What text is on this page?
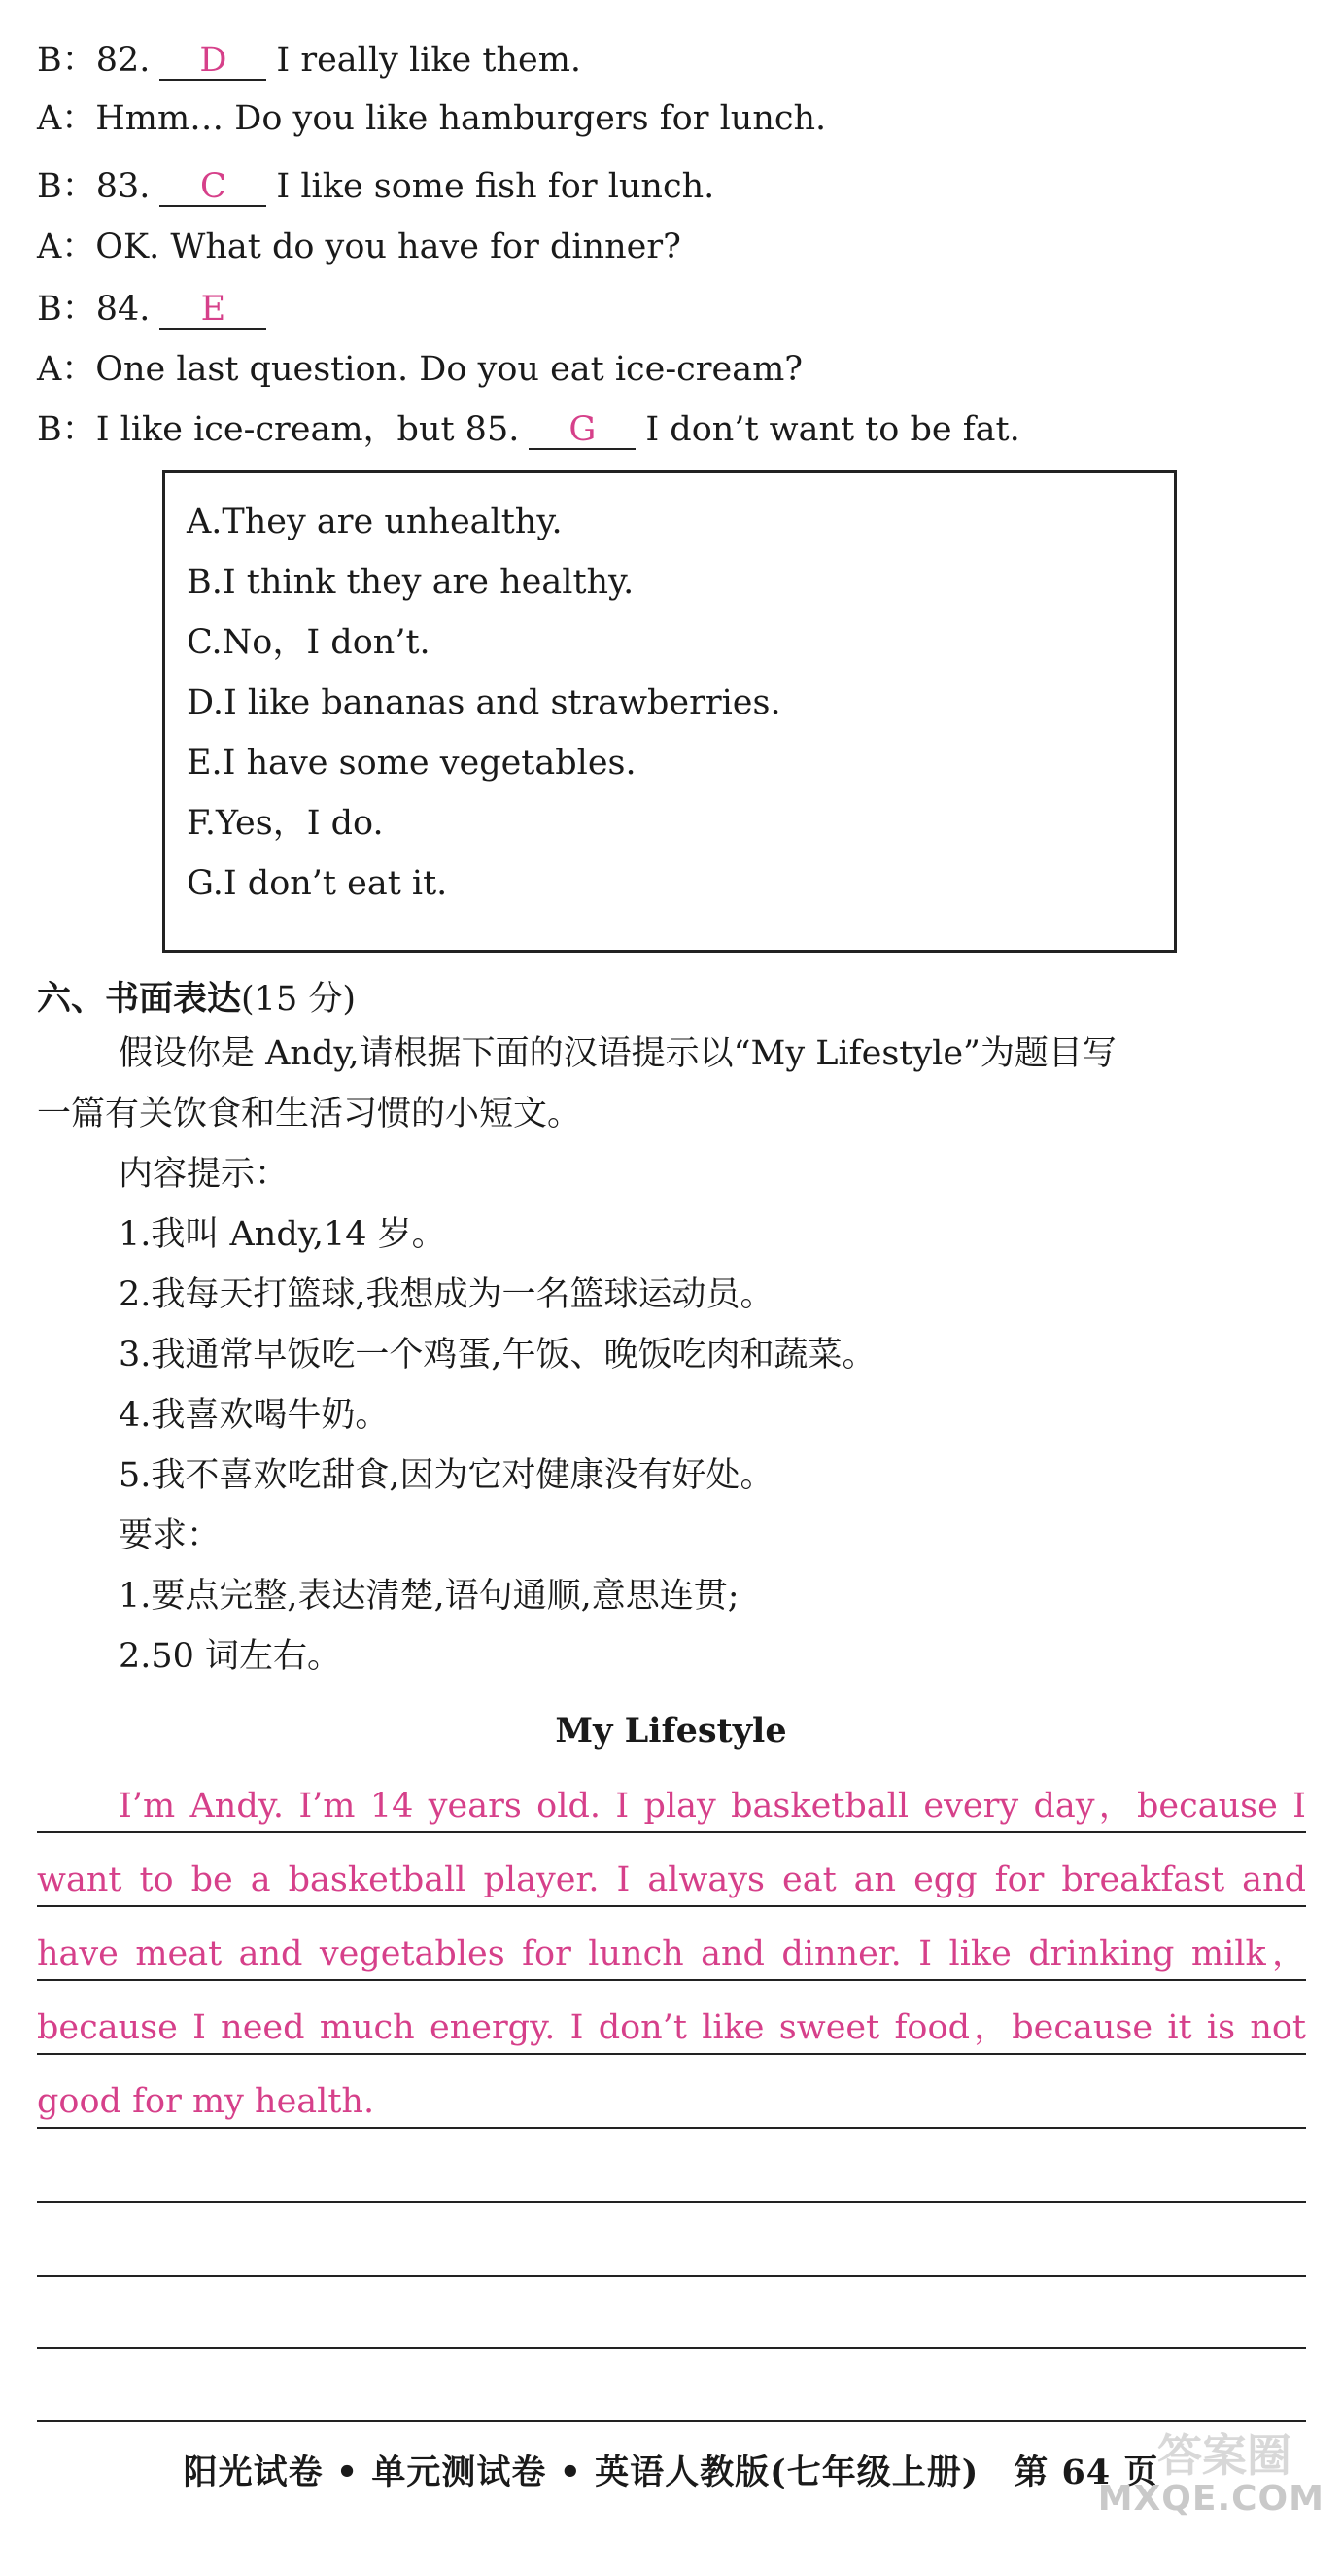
B：82. D I really like them.
A：Hmm… Do you like hamburgers for lunch.
B：83. C I like some fish for lunch.
A：OK. What do you have for dinner?
B：84. E
A：One last question. Do you eat ice-cream?
B：I like ice-cream，but 85. G I don’t want to be fat.
A.They are unhealthy.
B.I think they are healthy.
C.No，I don’t.
D.I like bananas and strawberries.
E.I have some vegetables.
F.Yes，I do.
G.I don’t eat it.
六、书面表达(15 分)
假设你是 Andy,请根据下面的汉语提示以“My Lifestyle”为题目写
一篇有关饮食和生活习惯的小短文。
内容提示：
1.我叫 Andy,14 岁。
2.我每天打篮球,我想成为一名篮球运动员。
3.我通常早饭吃一个鸡蛋,午饭、晚饭吃肉和蔬菜。
4.我喜欢喝牛奶。
5.我不喜欢吃甜食,因为它对健康没有好处。
要求：
1.要点完整,表达清楚,语句通顺,意思连贯;
2.50 词左右。
My Lifestyle
I’m Andy. I’m 14 years old. I play basketball every day，because I
want to be a basketball player. I always eat an egg for breakfast and
have meat and vegetables for lunch and dinner. I like drinking milk，
because I need much energy. I don’t like sweet food，because it is not
good for my health.
阳光试卷 • 单元测试卷 • 英语人教版(七年级上册)　第 64 页
答案圈
MXQE.COM
